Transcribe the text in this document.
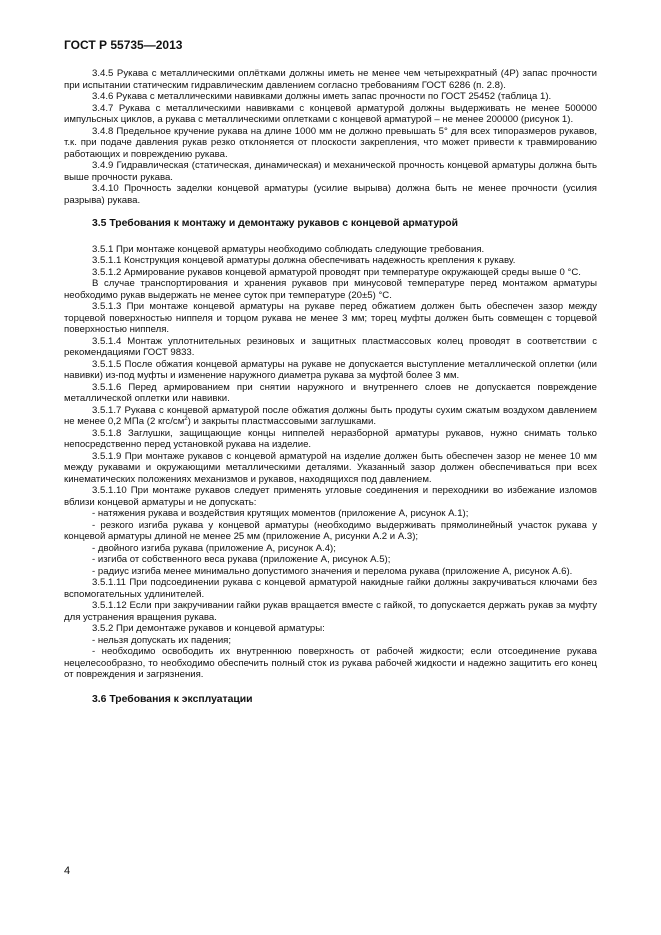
ГОСТ Р 55735—2013

3.4.5 Рукава с металлическими оплётками должны иметь не менее чем четырехкратный (4P) запас прочности при испытании статическим гидравлическим давлением согласно требованиям ГОСТ 6286 (п. 2.8).

3.4.6 Рукава с металлическими навивками должны иметь запас прочности по ГОСТ 25452 (таблица 1).

3.4.7 Рукава с металлическими навивками с концевой арматурой должны выдерживать не менее 500000 импульсных циклов, а рукава с металлическими оплетками с концевой арматурой – не менее 200000 (рисунок 1).

3.4.8 Предельное кручение рукава на длине 1000 мм не должно превышать 5° для всех типоразмеров рукавов, т.к. при подаче давления рукав резко отклоняется от плоскости закрепления, что может привести к травмированию работающих и повреждению рукава.

3.4.9 Гидравлическая (статическая, динамическая) и механической прочность концевой арматуры должна быть выше прочности рукава.

3.4.10 Прочность заделки концевой арматуры (усилие вырыва) должна быть не менее прочности (усилия разрыва) рукава.

3.5 Требования к монтажу и демонтажу рукавов с концевой арматурой

3.5.1 При монтаже концевой арматуры необходимо соблюдать следующие требования.

3.5.1.1 Конструкция концевой арматуры должна обеспечивать надежность крепления к рукаву.

3.5.1.2 Армирование рукавов концевой арматурой проводят при температуре окружающей среды выше 0 °С.

В случае транспортирования и хранения рукавов при минусовой температуре перед монтажом арматуры необходимо рукав выдержать не менее суток при температуре (20±5) °С.

3.5.1.3 При монтаже концевой арматуры на рукаве перед обжатием должен быть обеспечен зазор между торцевой поверхностью ниппеля и торцом рукава не менее 3 мм; торец муфты должен быть совмещен с торцевой поверхностью ниппеля.

3.5.1.4 Монтаж уплотнительных резиновых и защитных пластмассовых колец проводят в соответствии с рекомендациями ГОСТ 9833.

3.5.1.5 После обжатия концевой арматуры на рукаве не допускается выступление металлической оплетки (или навивки) из-под муфты и изменение наружного диаметра рукава за муфтой более 3 мм.

3.5.1.6 Перед армированием при снятии наружного и внутреннего слоев не допускается повреждение металлической оплетки или навивки.

3.5.1.7 Рукава с концевой арматурой после обжатия должны быть продуты сухим сжатым воздухом давлением не менее 0,2 МПа (2 кгс/$см^2$) и закрыты пластмассовыми заглушками.

3.5.1.8 Заглушки, защищающие концы ниппелей неразборной арматуры рукавов, нужно снимать только непосредственно перед установкой рукава на изделие.

3.5.1.9 При монтаже рукавов с концевой арматурой на изделие должен быть обеспечен зазор не менее 10 мм между рукавами и окружающими металлическими деталями. Указанный зазор должен обеспечиваться при всех кинематических положениях механизмов и рукавов, находящихся под давлением.

3.5.1.10 При монтаже рукавов следует применять угловые соединения и переходники во избежание изломов вблизи концевой арматуры и не допускать:

- натяжения рукава и воздействия крутящих моментов (приложение А, рисунок А.1);

- резкого изгиба рукава у концевой арматуры (необходимо выдерживать прямолинейный участок рукава у концевой арматуры длиной не менее 25 мм (приложение А, рисунки А.2 и А.3);

- двойного изгиба рукава (приложение А, рисунок А.4);

- изгиба от собственного веса рукава (приложение А, рисунок А.5);

- радиус изгиба менее минимально допустимого значения и перелома рукава (приложение А, рисунок А.6).

3.5.1.11 При подсоединении рукава с концевой арматурой накидные гайки должны закручиваться ключами без вспомогательных удлинителей.

3.5.1.12 Если при закручивании гайки рукав вращается вместе с гайкой, то допускается держать рукав за муфту для устранения вращения рукава.

3.5.2 При демонтаже рукавов и концевой арматуры:

- нельзя допускать их падения;

- необходимо освободить их внутреннюю поверхность от рабочей жидкости; если отсоединение рукава нецелесообразно, то необходимо обеспечить полный сток из рукава рабочей жидкости и надежно защитить его конец от повреждения и загрязнения.

3.6 Требования к эксплуатации

4
